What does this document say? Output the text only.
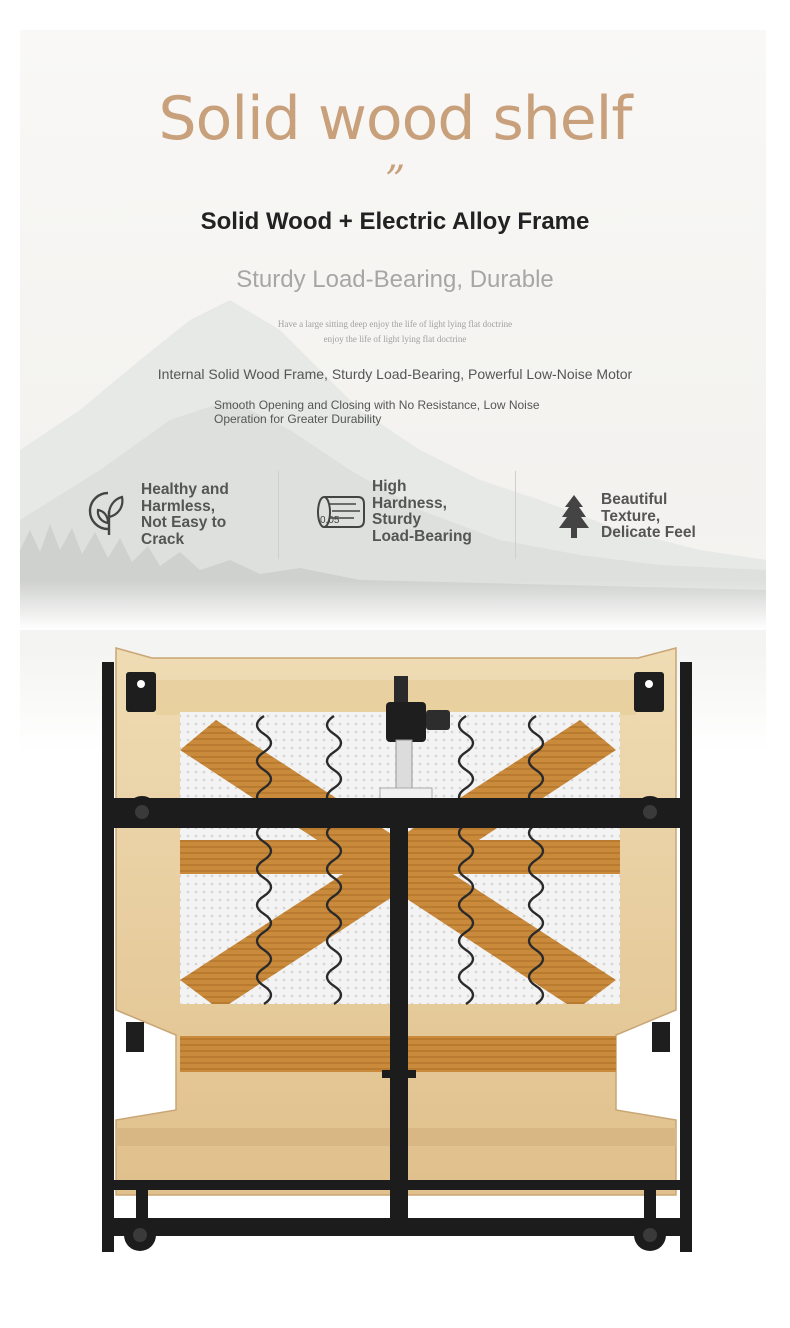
Solid wood shelf
”
Solid Wood + Electric Alloy Frame
Sturdy Load-Bearing, Durable
Have a large sitting deep enjoy the life of light lying flat doctrine
enjoy the life of light lying flat doctrine
Internal Solid Wood Frame, Sturdy Load-Bearing, Powerful Low-Noise Motor
Smooth Opening and Closing with No Resistance, Low Noise
Operation for Greater Durability
Healthy and
Harmless,
Not Easy to
Crack
0.05
High
Hardness,
Sturdy
Load-Bearing
Beautiful
Texture,
Delicate Feel
